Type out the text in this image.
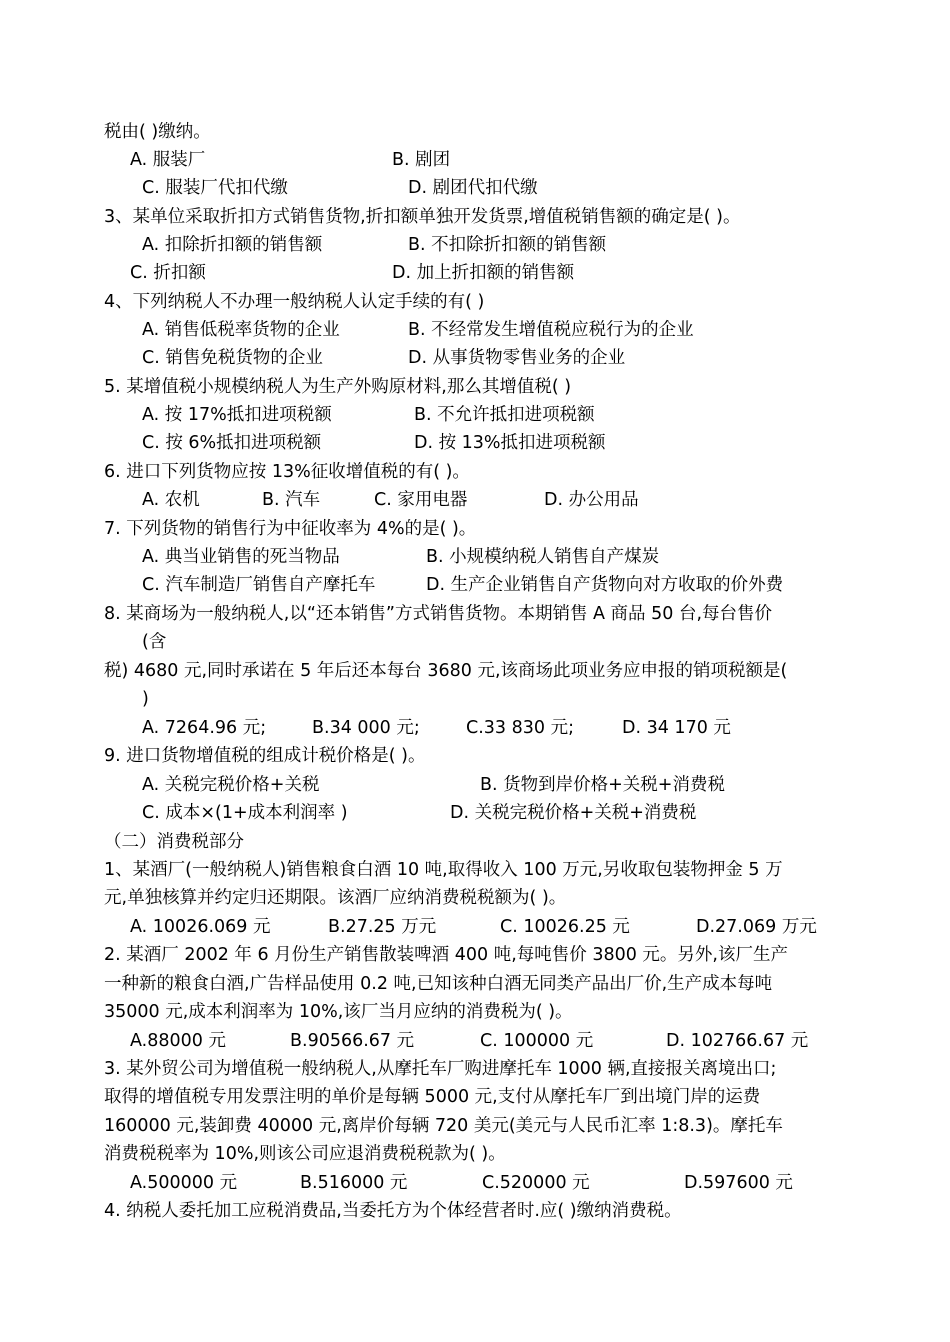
税由( )缴纳。
A. 服装厂	B. 剧团
C. 服装厂代扣代缴	D. 剧团代扣代缴
3、某单位采取折扣方式销售货物,折扣额单独开发货票,增值税销售额的确定是( )。
A. 扣除折扣额的销售额	B. 不扣除折扣额的销售额
C. 折扣额	D. 加上折扣额的销售额
4、下列纳税人不办理一般纳税人认定手续的有( )
A. 销售低税率货物的企业	B. 不经常发生增值税应税行为的企业
C. 销售免税货物的企业	D. 从事货物零售业务的企业
5. 某增值税小规模纳税人为生产外购原材料,那么其增值税( )
A. 按 17%抵扣进项税额	B. 不允许抵扣进项税额
C. 按 6%抵扣进项税额	D. 按 13%抵扣进项税额
6. 进口下列货物应按 13%征收增值税的有( )。
A. 农机	B. 汽车	C. 家用电器	D. 办公用品
7. 下列货物的销售行为中征收率为 4%的是( )。
A. 典当业销售的死当物品	B. 小规模纳税人销售自产煤炭
C. 汽车制造厂销售自产摩托车	D. 生产企业销售自产货物向对方收取的价外费
8. 某商场为一般纳税人,以“还本销售”方式销售货物。本期销售 A 商品 50 台,每台售价
(含
税) 4680 元,同时承诺在 5 年后还本每台 3680 元,该商场此项业务应申报的销项税额是(
)
A. 7264.96 元;	B.34 000 元;	C.33 830 元;	D. 34 170 元
9. 进口货物增值税的组成计税价格是( )。
A. 关税完税价格+关税	B. 货物到岸价格+关税+消费税
C. 成本×(1+成本利润率 )	D. 关税完税价格+关税+消费税
（二）消费税部分
1、某酒厂(一般纳税人)销售粮食白酒 10 吨,取得收入 100 万元,另收取包装物押金 5 万
元,单独核算并约定归还期限。该酒厂应纳消费税税额为( )。
A. 10026.069 元	B.27.25 万元	C. 10026.25 元	D.27.069 万元
2. 某酒厂 2002 年 6 月份生产销售散装啤酒 400 吨,每吨售价 3800 元。另外,该厂生产
一种新的粮食白酒,广告样品使用 0.2 吨,已知该种白酒无同类产品出厂价,生产成本每吨
35000 元,成本利润率为 10%,该厂当月应纳的消费税为( )。
A.88000 元	B.90566.67 元	C. 100000 元	D. 102766.67 元
3. 某外贸公司为增值税一般纳税人,从摩托车厂购进摩托车 1000 辆,直接报关离境出口;
取得的增值税专用发票注明的单价是每辆 5000 元,支付从摩托车厂到出境门岸的运费
160000 元,装卸费 40000 元,离岸价每辆 720 美元(美元与人民币汇率 1:8.3)。摩托车
消费税税率为 10%,则该公司应退消费税税款为( )。
A.500000 元	B.516000 元	C.520000 元	D.597600 元
4. 纳税人委托加工应税消费品,当委托方为个体经营者时.应( )缴纳消费税。
